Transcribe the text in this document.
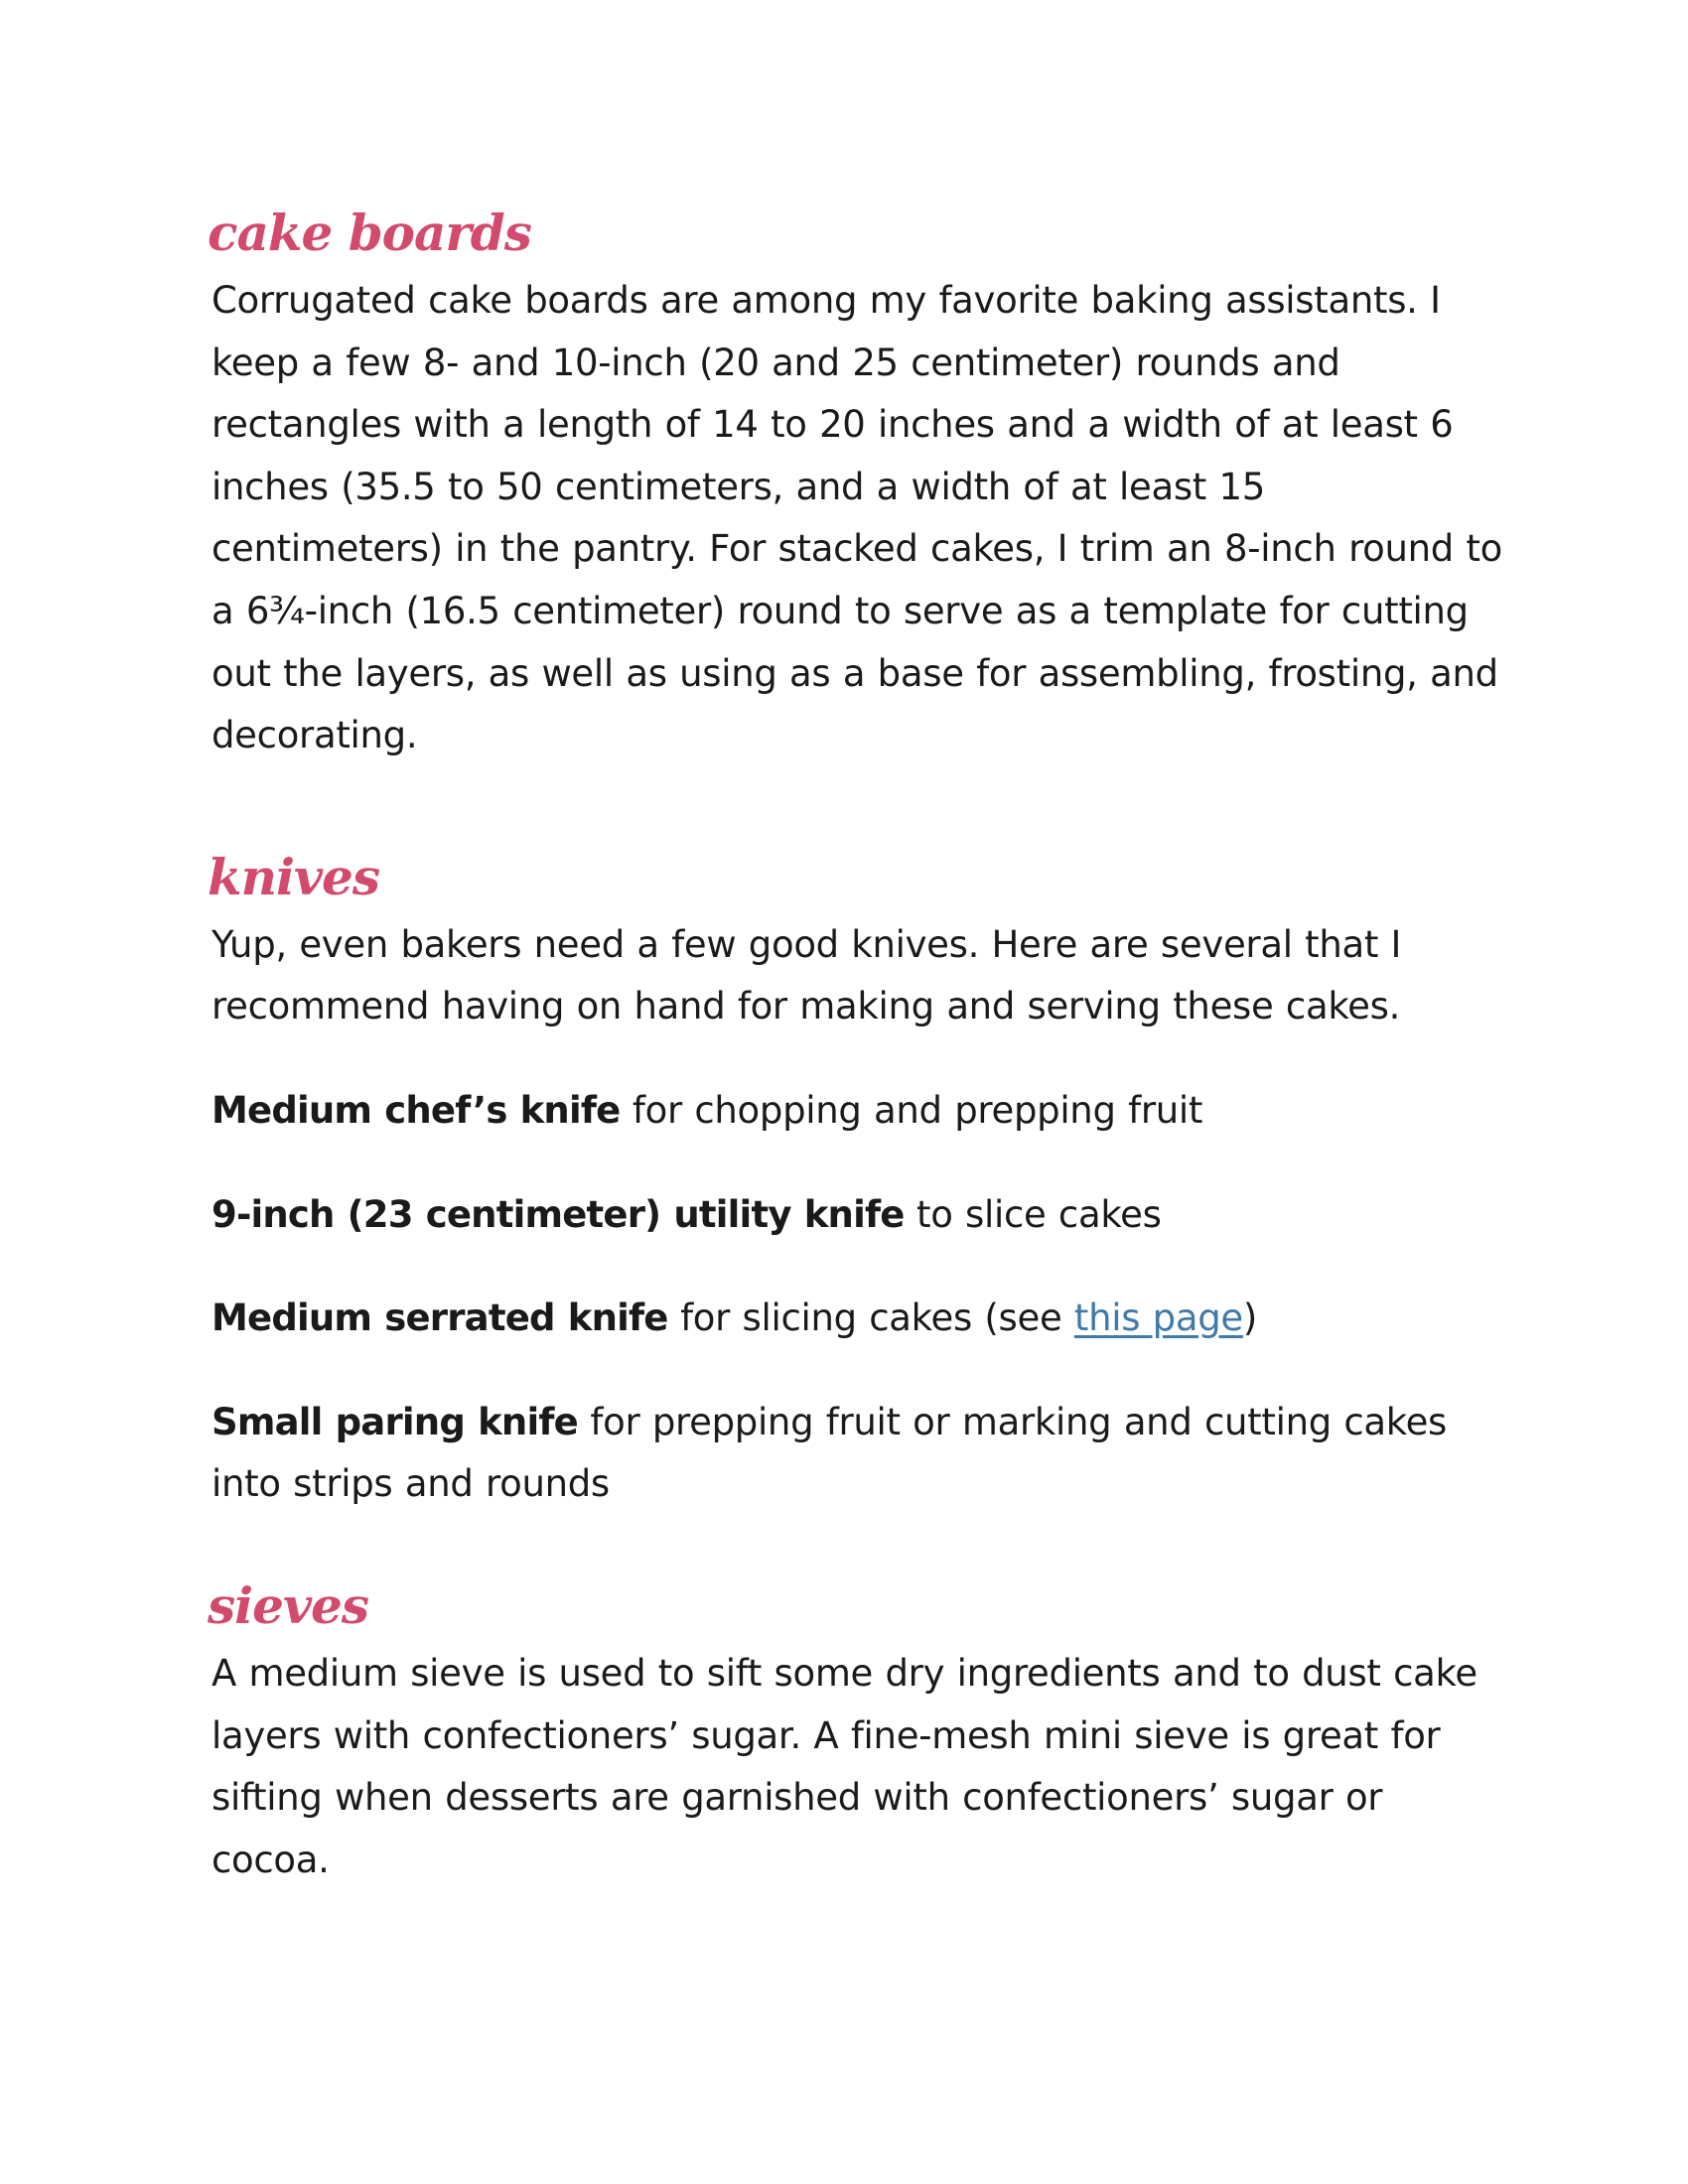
cake boards

Corrugated cake boards are among my favorite baking assistants. I keep a few 8- and 10-inch (20 and 25 centimeter) rounds and rectangles with a length of 14 to 20 inches and a width of at least 6 inches (35.5 to 50 centimeters, and a width of at least 15 centimeters) in the pantry. For stacked cakes, I trim an 8-inch round to a 6¾-inch (16.5 centimeter) round to serve as a template for cutting out the layers, as well as using as a base for assembling, frosting, and decorating.

knives

Yup, even bakers need a few good knives. Here are several that I recommend having on hand for making and serving these cakes.

Medium chef’s knife for chopping and prepping fruit

9-inch (23 centimeter) utility knife to slice cakes

Medium serrated knife for slicing cakes (see this page)

Small paring knife for prepping fruit or marking and cutting cakes into strips and rounds

sieves

A medium sieve is used to sift some dry ingredients and to dust cake layers with confectioners’ sugar. A fine-mesh mini sieve is great for sifting when desserts are garnished with confectioners’ sugar or cocoa.
